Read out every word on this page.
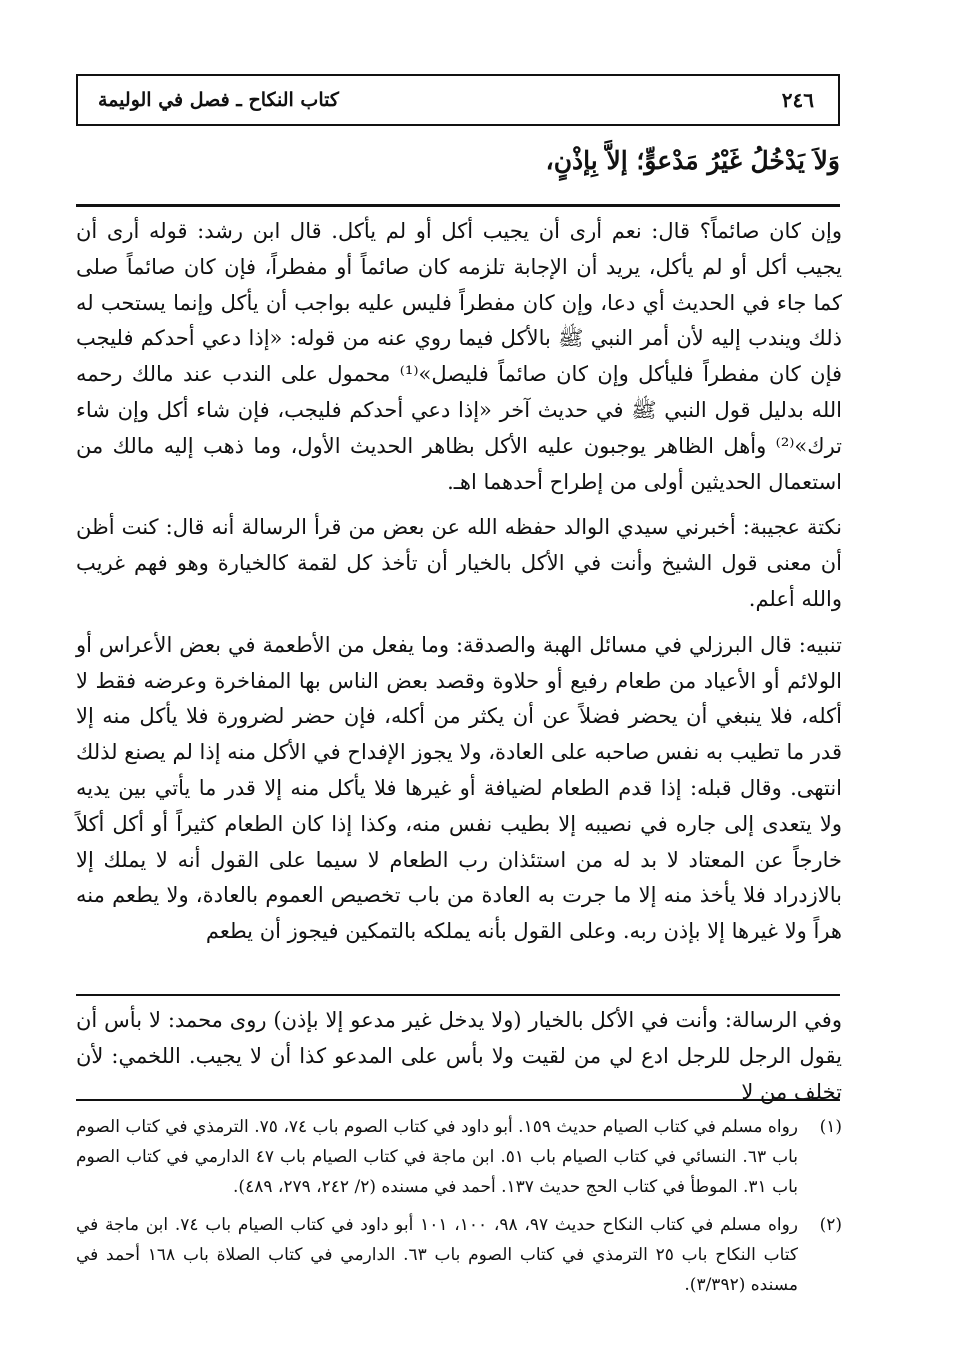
٢٤٦
كتاب النكاح ـ فصل في الوليمة
وَلاَ يَدْخُلُ غَيْرُ مَدْعوٍّ؛ إلاَّ بِإذْنٍ،

وإن كان صائماً؟ قال: نعم أرى أن يجيب أكل أو لم يأكل. قال ابن رشد: قوله أرى أن يجيب أكل أو لم يأكل، يريد أن الإجابة تلزمه كان صائماً أو مفطراً، فإن كان صائماً صلى كما جاء في الحديث أي دعا، وإن كان مفطراً فليس عليه بواجب أن يأكل وإنما يستحب له ذلك ويندب إليه لأن أمر النبي ﷺ بالأكل فيما روي عنه من قوله: «إذا دعي أحدكم فليجب فإن كان مفطراً فليأكل وإن كان صائماً فليصل»⁽¹⁾ محمول على الندب عند مالك رحمه الله بدليل قول النبي ﷺ في حديث آخر «إذا دعي أحدكم فليجب، فإن شاء أكل وإن شاء ترك»⁽²⁾ وأهل الظاهر يوجبون عليه الأكل بظاهر الحديث الأول، وما ذهب إليه مالك من استعمال الحديثين أولى من إطراح أحدهما اهـ.

نكتة عجيبة: أخبرني سيدي الوالد حفظه الله عن بعض من قرأ الرسالة أنه قال: كنت أظن أن معنى قول الشيخ وأنت في الأكل بالخيار أن تأخذ كل لقمة كالخيارة وهو فهم غريب والله أعلم.

تنبيه: قال البرزلي في مسائل الهبة والصدقة: وما يفعل من الأطعمة في بعض الأعراس أو الولائم أو الأعياد من طعام رفيع أو حلاوة وقصد بعض الناس بها المفاخرة وعرضه فقط لا أكله، فلا ينبغي أن يحضر فضلاً عن أن يكثر من أكله، فإن حضر لضرورة فلا يأكل منه إلا قدر ما تطيب به نفس صاحبه على العادة، ولا يجوز الإفداح في الأكل منه إذا لم يصنع لذلك انتهى. وقال قبله: إذا قدم الطعام لضيافة أو غيرها فلا يأكل منه إلا قدر ما يأتي بين يديه ولا يتعدى إلى جاره في نصيبه إلا بطيب نفس منه، وكذا إذا كان الطعام كثيراً أو أكل أكلاً خارجاً عن المعتاد لا بد له من استئذان رب الطعام لا سيما على القول أنه لا يملك إلا بالازدراد فلا يأخذ منه إلا ما جرت به العادة من باب تخصيص العموم بالعادة، ولا يطعم منه هراً ولا غيرها إلا بإذن ربه. وعلى القول بأنه يملكه بالتمكين فيجوز أن يطعم

وفي الرسالة: وأنت في الأكل بالخيار (ولا يدخل غير مدعو إلا بإذن) روى محمد: لا بأس أن يقول الرجل للرجل ادع لي من لقيت ولا بأس على المدعو كذا أن لا يجيب. اللخمي: لأن تخلف من لا

(١)
رواه مسلم في كتاب الصيام حديث ١٥٩. أبو داود في كتاب الصوم باب ٧٤، ٧٥. الترمذي في كتاب الصوم باب ٦٣. النسائي في كتاب الصيام باب ٥١. ابن ماجة في كتاب الصيام باب ٤٧ الدارمي في كتاب الصوم باب ٣١. الموطأ في كتاب الحج حديث ١٣٧. أحمد في مسنده (٢/ ٢٤٢، ٢٧٩، ٤٨٩).
(٢)
رواه مسلم في كتاب النكاح حديث ٩٧، ٩٨، ١٠٠، ١٠١ أبو داود في كتاب الصيام باب ٧٤. ابن ماجة في كتاب النكاح باب ٢٥ الترمذي في كتاب الصوم باب ٦٣. الدارمي في كتاب الصلاة باب ١٦٨ أحمد في مسنده (٣/٣٩٢).
